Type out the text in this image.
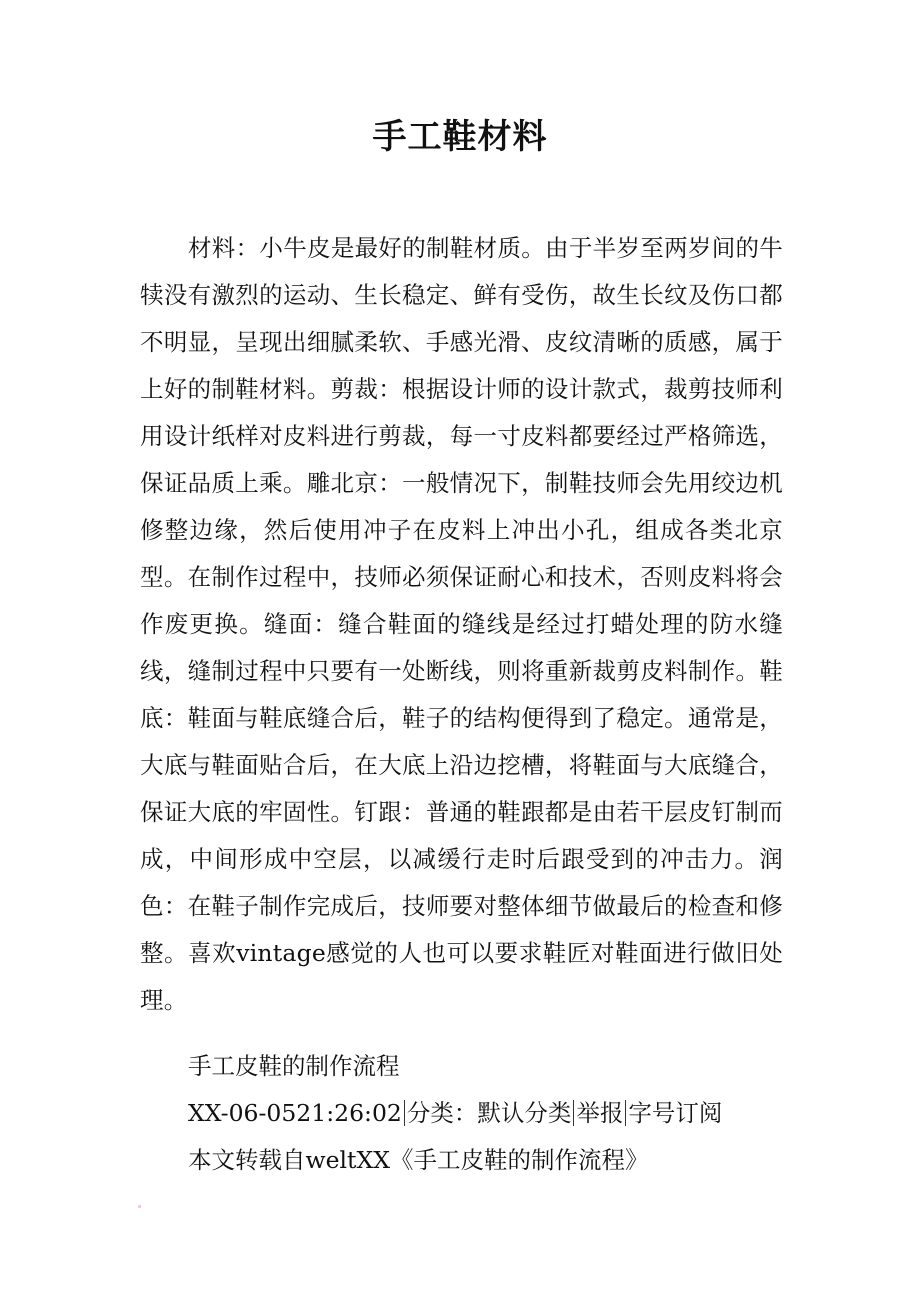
手工鞋材料

材料：小牛皮是最好的制鞋材质。由于半岁至两岁间的牛犊没有激烈的运动、生长稳定、鲜有受伤，故生长纹及伤口都不明显，呈现出细腻柔软、手感光滑、皮纹清晰的质感，属于上好的制鞋材料。剪裁：根据设计师的设计款式，裁剪技师利用设计纸样对皮料进行剪裁，每一寸皮料都要经过严格筛选，保证品质上乘。雕北京：一般情况下，制鞋技师会先用绞边机修整边缘，然后使用冲子在皮料上冲出小孔，组成各类北京型。在制作过程中，技师必须保证耐心和技术，否则皮料将会作废更换。缝面：缝合鞋面的缝线是经过打蜡处理的防水缝线，缝制过程中只要有一处断线，则将重新裁剪皮料制作。鞋底：鞋面与鞋底缝合后，鞋子的结构便得到了稳定。通常是，大底与鞋面贴合后，在大底上沿边挖槽，将鞋面与大底缝合，保证大底的牢固性。钉跟：普通的鞋跟都是由若干层皮钉制而成，中间形成中空层，以减缓行走时后跟受到的冲击力。润色：在鞋子制作完成后，技师要对整体细节做最后的检查和修整。喜欢vintage感觉的人也可以要求鞋匠对鞋面进行做旧处理。

手工皮鞋的制作流程

XX-06-0521:26:02 分类：默认分类 举报 字号订阅

本文转载自weltXX《手工皮鞋的制作流程》
